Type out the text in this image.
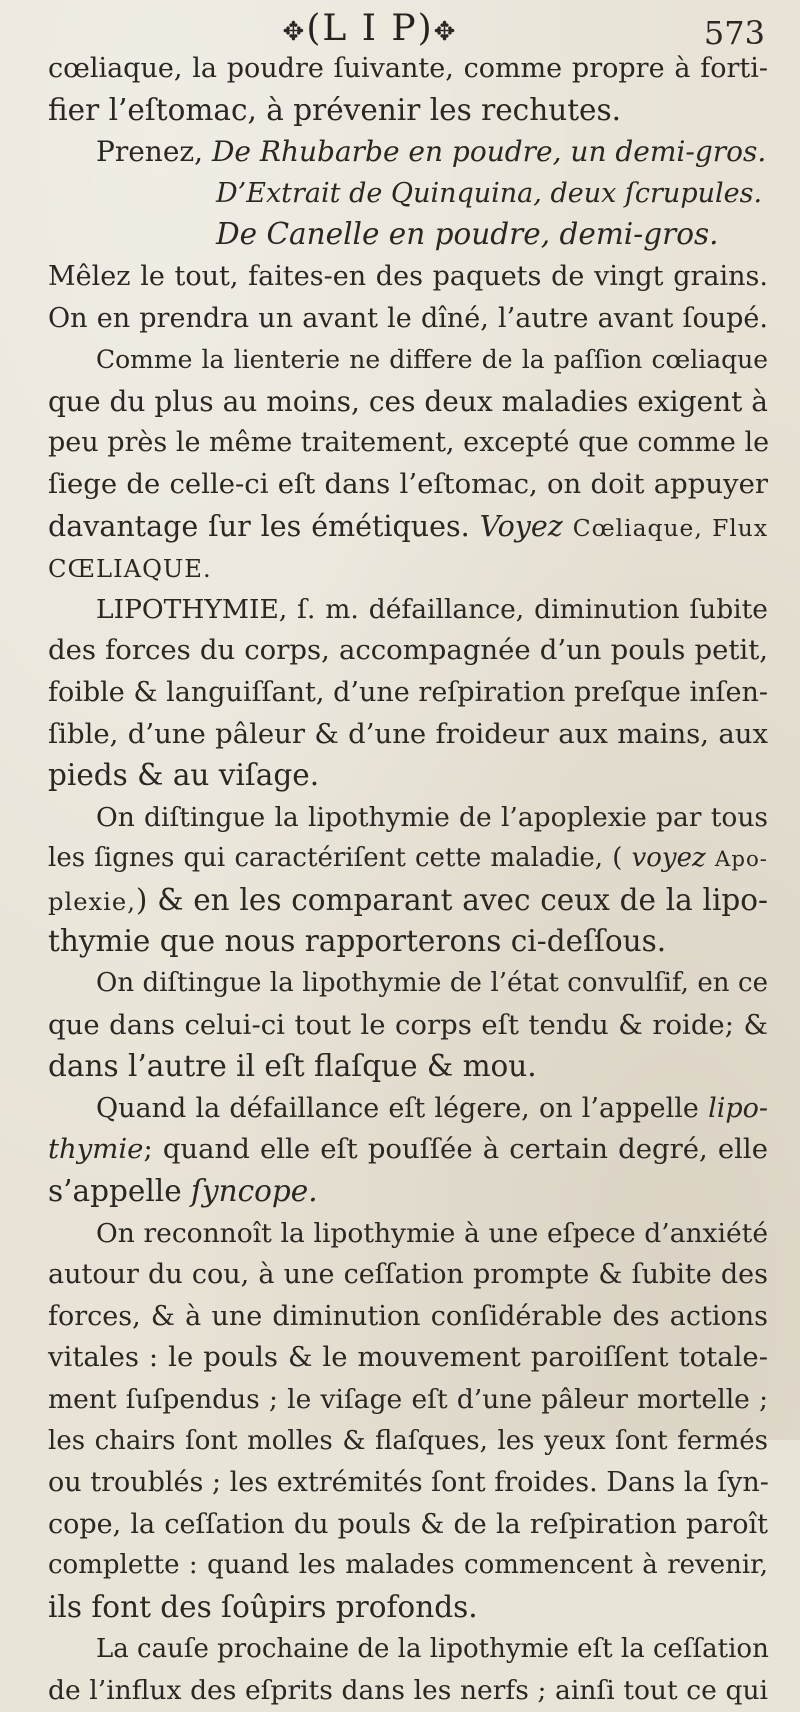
✥(L I P)✥	573
cœliaque, la poudre ſuivante, comme propre à forti-
fier l’eſtomac, à prévenir les rechutes.
Prenez, De Rhubarbe en poudre, un demi-gros.
D’Extrait de Quinquina, deux ſcrupules.
De Canelle en poudre, demi-gros.
Mêlez le tout, faites-en des paquets de vingt grains.
On en prendra un avant le dîné, l’autre avant ſoupé.
Comme la lienterie ne differe de la paſſion cœliaque
que du plus au moins, ces deux maladies exigent à
peu près le même traitement, excepté que comme le
ſiege de celle-ci eſt dans l’eſtomac, on doit appuyer
davantage ſur les émétiques. Voyez Cœliaque, Flux
CŒLIAQUE.
LIPOTHYMIE, ſ. m. défaillance, diminution ſubite
des forces du corps, accompagnée d’un pouls petit,
foible & languiſſant, d’une reſpiration preſque inſen-
ſible, d’une pâleur & d’une froideur aux mains, aux
pieds & au viſage.
On diſtingue la lipothymie de l’apoplexie par tous
les ſignes qui caractériſent cette maladie, ( voyez Apo-
plexie,) & en les comparant avec ceux de la lipo-
thymie que nous rapporterons ci-deſſous.
On diſtingue la lipothymie de l’état convulſif, en ce
que dans celui-ci tout le corps eſt tendu & roide; &
dans l’autre il eſt flaſque & mou.
Quand la défaillance eſt légere, on l’appelle lipo-
thymie; quand elle eſt pouſſée à certain degré, elle
s’appelle ſyncope.
On reconnoît la lipothymie à une eſpece d’anxiété
autour du cou, à une ceſſation prompte & ſubite des
forces, & à une diminution conſidérable des actions
vitales : le pouls & le mouvement paroiſſent totale-
ment ſuſpendus ; le viſage eſt d’une pâleur mortelle ;
les chairs ſont molles & flaſques, les yeux ſont fermés
ou troublés ; les extrémités ſont froides. Dans la ſyn-
cope, la ceſſation du pouls & de la reſpiration paroît
complette : quand les malades commencent à revenir,
ils font des ſoûpirs profonds.
La cauſe prochaine de la lipothymie eſt la ceſſation
de l’influx des eſprits dans les nerfs ; ainſi tout ce qui
